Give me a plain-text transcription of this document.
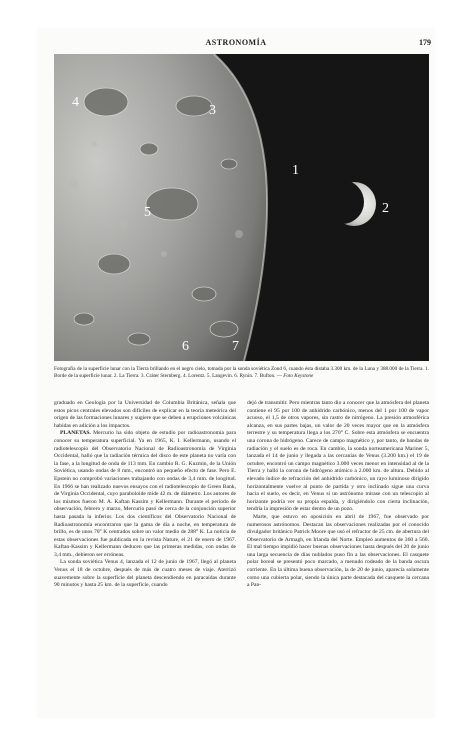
ASTRONOMÍA	179
1
2
3
4
5
6	7
Fotografía de la superficie lunar con la Tierra brillando en el negro cielo, tomada por la sonda soviética Zond 6, cuando ésta distaba 3.300 km. de la Luna y 388.000 de la Tierra. 1. Borde de la superficie lunar. 2. La Tierra. 3. Cráter Sternberg. 4. Lorentz. 5. Langevin. 6. Rynin. 7. Bufton. — Foto Keystone

graduado en Geología por la Universidad de Columbia Británica, señala que estos picos centrales elevados son difíciles de explicar en la teoría meteórica del origen de las formaciones lunares y sugiere que se deben a erupciones volcánicas habidas en adición a los impactos.

PLANETAS. Mercurio ha sido objeto de estudio por radioastronomía para conocer su temperatura superficial. Ya en 1965, K. I. Kellermann, usando el radiotelescopio del Observatorio Nacional de Radioastronomía de Virginia Occidental, halló que la radiación térmica del disco de este planeta no varía con la fase, a la longitud de onda de 113 mm. En cambio R. G. Kuzmin, de la Unión Soviética, usando ondas de 8 mm., encontró un pequeño efecto de fase. Pero E. Epstein no comprobó variaciones trabajando con ondas de 3,4 mm. de longitud. En 1966 se han realizado nuevos ensayos con el radiotelescopio de Green Bank, de Virginia Occidental, cuyo paraboloide mide 42 m. de diámetro. Los autores de los mismos fueron M. A. Kaftan Kassim y Kellermann. Durante el período de observación, febrero y marzo, Mercurio pasó de cerca de la conjunción superior hasta pasada la inferior. Los dos científicos del Observatorio Nacional de Radioastronomía encontraron que la gama de día a noche, en temperatura de brillo, es de unos 70° K centrados sobre un valor medio de 288° K. La noticia de estas observaciones fue publicada en la revista Nature, el 21 de enero de 1967. Kaftan-Kassim y Kellermann deducen que las primeras medidas, con ondas de 3,4 mm., debieron ser erróneas.

La sonda soviética Venus 4, lanzada el 12 de junio de 1967, llegó al planeta Venus el 18 de octubre, después de más de cuatro meses de viaje. Aterrizó suavemente sobre la superficie del planeta descendiendo en paracaídas durante 90 minutos y hasta 25 km. de la superficie, cuando

dejó de transmitir. Pero mientras tanto dio a conocer que la atmósfera del planeta contiene el 95 por 100 de anhídrido carbónico, menos del 1 por 100 de vapor acuoso, el 1,5 de otros vapores, sin rastro de nitrógeno. La presión atmosférica alcanza, en sus partes bajas, un valor de 20 veces mayor que en la atmósfera terrestre y su temperatura llega a los 270° C. Sobre esta atmósfera se encuentra una corona de hidrógeno. Carece de campo magnético y, por tanto, de bandas de radiación y el suelo es de roca. En cambio, la sonda norteamericana Mariner 5, lanzada el 14 de junio y llegada a las cercanías de Venus (3.200 km.) el 19 de octubre, encontró un campo magnético 3.000 veces menor en intensidad al de la Tierra y halló la corona de hidrógeno atómico a 2.000 km. de altura. Debido al elevado índice de refracción del anhídrido carbónico, un rayo luminoso dirigido horizontalmente vuelve al punto de partida y otro inclinado sigue una curva hacia el suelo, es decir, en Venus si un astrónomo mirase con un telescopio al horizonte podría ver su propia espalda, y dirigiéndolo con cierta inclinación, tendría la impresión de estar dentro de un pozo.

Marte, que estuvo en oposición en abril de 1967, fue observado por numerosos astrónomos. Destacan las observaciones realizadas por el conocido divulgador británico Patrick Moore que usó el refractor de 25 cm. de abertura del Observatorio de Armagh, en Irlanda del Norte. Empleó aumentos de 360 a 560. El mal tiempo impidió hacer buenas observaciones hasta después del 20 de junio una larga secuencia de días nublados puso fin a las observaciones. El casquete polar boreal se presentó poco marcado, a menudo rodeado de la banda oscura corriente. En la última buena observación, la de 20 de junio, aparecía solamente como una cubierta polar, siendo la única parte destacada del casquete la cercana a Pan-
